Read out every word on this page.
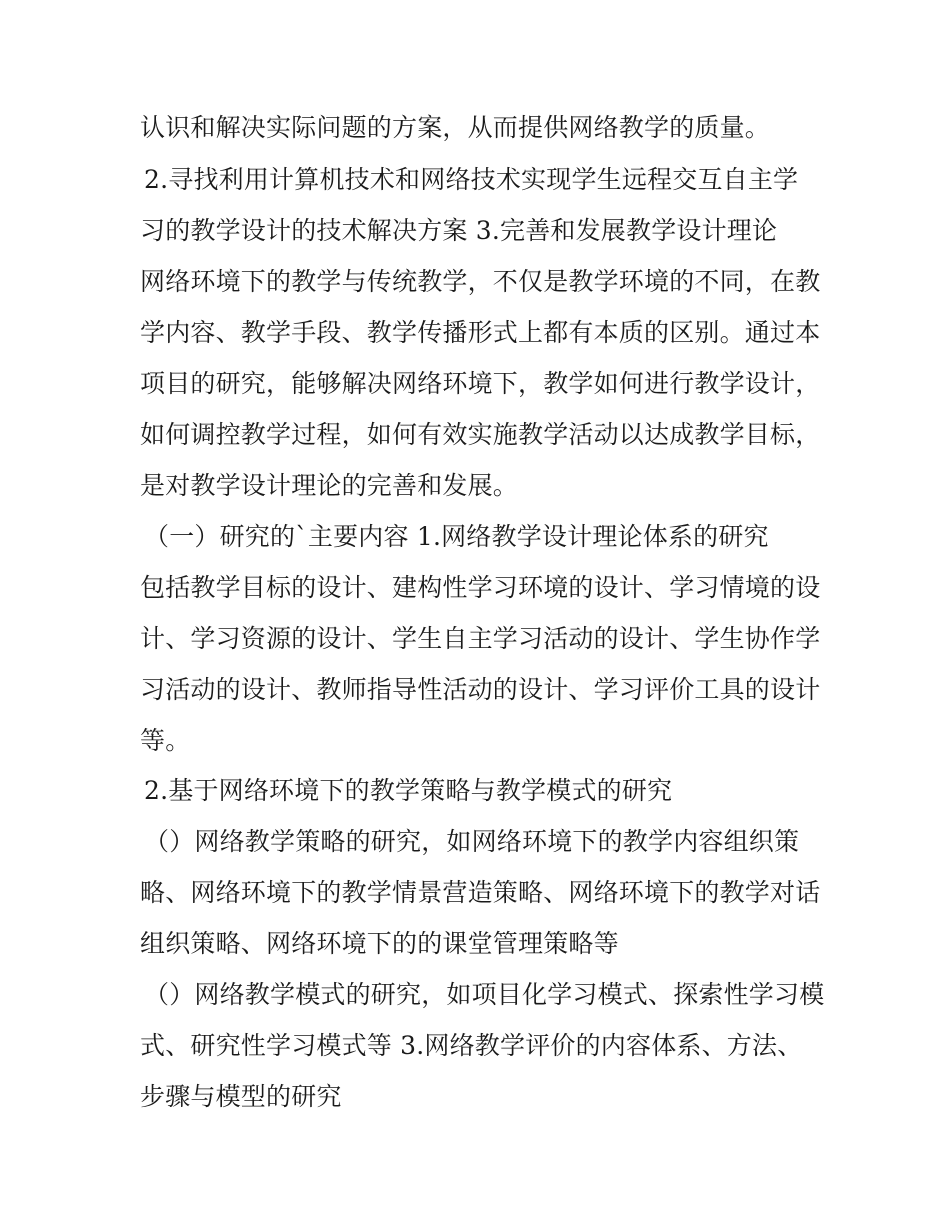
认识和解决实际问题的方案，从而提供网络教学的质量。
2.寻找利用计算机技术和网络技术实现学生远程交互自主学
习的教学设计的技术解决方案 3.完善和发展教学设计理论
网络环境下的教学与传统教学，不仅是教学环境的不同，在教
学内容、教学手段、教学传播形式上都有本质的区别。通过本
项目的研究，能够解决网络环境下，教学如何进行教学设计，
如何调控教学过程，如何有效实施教学活动以达成教学目标，
是对教学设计理论的完善和发展。
（一）研究的`主要内容 1.网络教学设计理论体系的研究
包括教学目标的设计、建构性学习环境的设计、学习情境的设
计、学习资源的设计、学生自主学习活动的设计、学生协作学
习活动的设计、教师指导性活动的设计、学习评价工具的设计
等。
2.基于网络环境下的教学策略与教学模式的研究
（）网络教学策略的研究，如网络环境下的教学内容组织策
略、网络环境下的教学情景营造策略、网络环境下的教学对话
组织策略、网络环境下的的课堂管理策略等
（）网络教学模式的研究，如项目化学习模式、探索性学习模
式、研究性学习模式等 3.网络教学评价的内容体系、方法、
步骤与模型的研究
